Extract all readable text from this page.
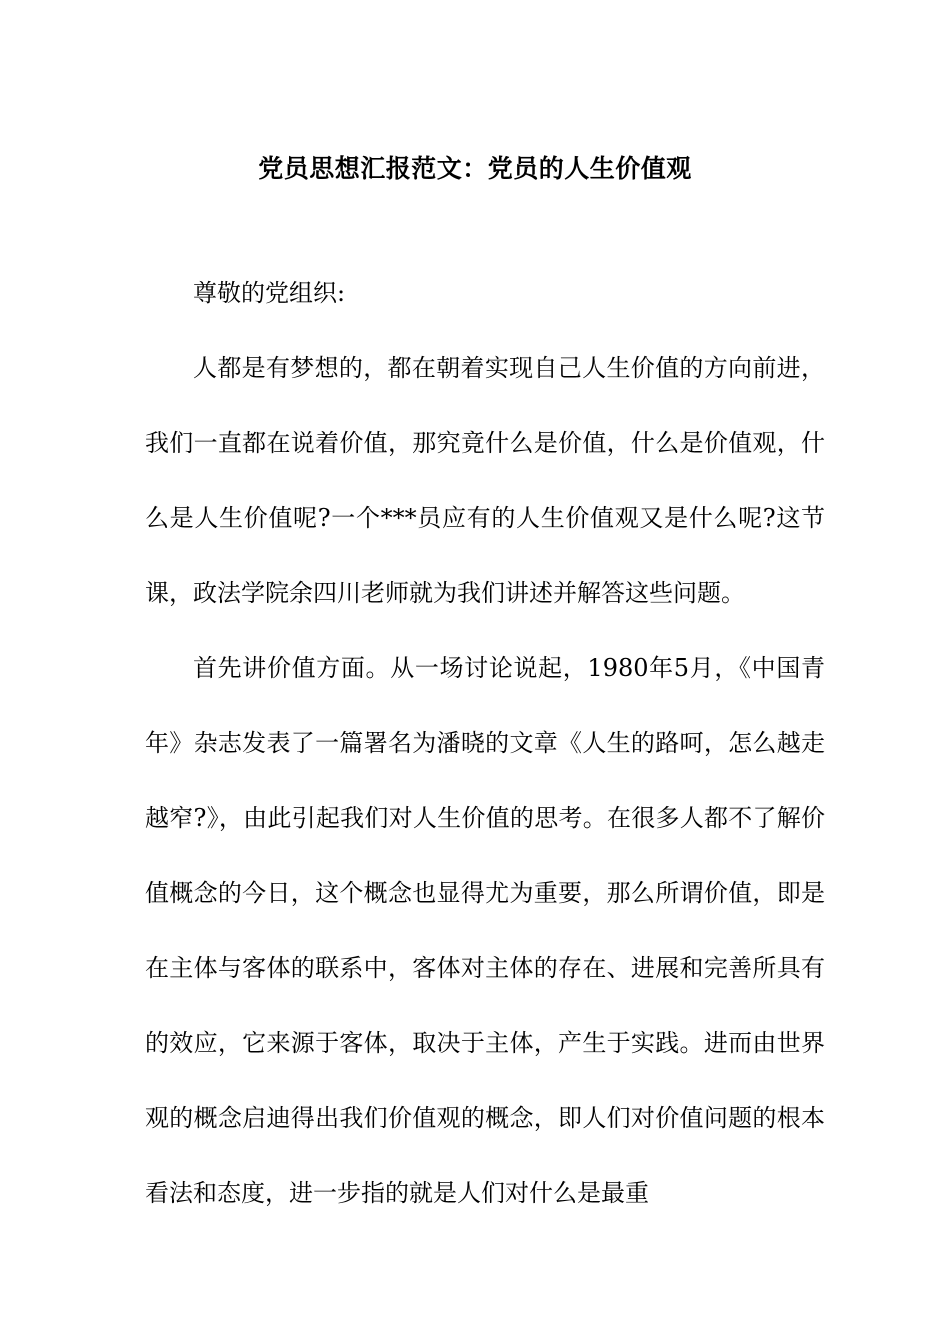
党员思想汇报范文：党员的人生价值观

尊敬的党组织:

人都是有梦想的，都在朝着实现自己人生价值的方向前进，我们一直都在说着价值，那究竟什么是价值，什么是价值观，什么是人生价值呢?一个***员应有的人生价值观又是什么呢?这节课，政法学院余四川老师就为我们讲述并解答这些问题。

首先讲价值方面。从一场讨论说起，1980年5月，《中国青年》杂志发表了一篇署名为潘晓的文章《人生的路呵，怎么越走越窄?》，由此引起我们对人生价值的思考。在很多人都不了解价值概念的今日，这个概念也显得尤为重要，那么所谓价值，即是在主体与客体的联系中，客体对主体的存在、进展和完善所具有的效应，它来源于客体，取决于主体，产生于实践。进而由世界观的概念启迪得出我们价值观的概念，即人们对价值问题的根本看法和态度，进一步指的就是人们对什么是最重
